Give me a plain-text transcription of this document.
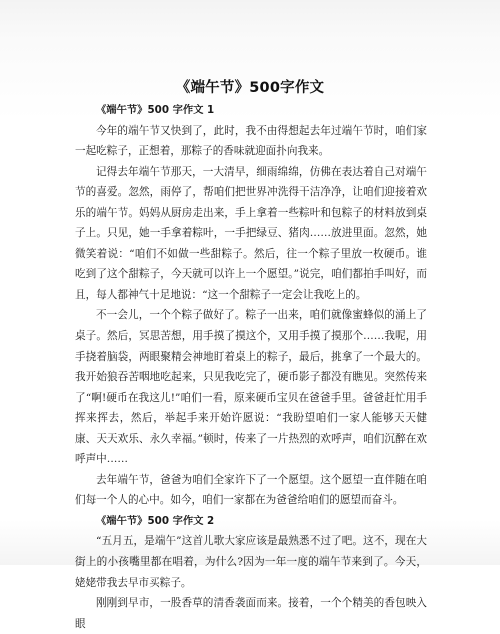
《端午节》500字作文
《端午节》500 字作文 1

今年的端午节又快到了，此时，我不由得想起去年过端午节时，咱们家一起吃粽子，正想着，那粽子的香味就迎面扑向我来。

记得去年端午节那天，一大清早，细雨绵绵，仿佛在表达着自己对端午节的喜爱。忽然，雨停了，帮咱们把世界冲洗得干洁净净，让咱们迎接着欢乐的端午节。妈妈从厨房走出来，手上拿着一些粽叶和包粽子的材料放到桌子上。只见，她一手拿着粽叶，一手把绿豆、猪肉……放进里面。忽然，她微笑着说：“咱们不如做一些甜粽子。然后，往一个粽子里放一枚硬币。谁吃到了这个甜粽子，今天就可以许上一个愿望。”说完，咱们都拍手叫好，而且，每人都神气十足地说：“这一个甜粽子一定会让我吃上的。

不一会儿，一个个粽子做好了。粽子一出来，咱们就像蜜蜂似的涌上了桌子。然后，冥思苦想，用手摸了摸这个，又用手摸了摸那个……我呢，用手挠着脑袋，两眼聚精会神地盯着桌上的粽子，最后，挑拿了一个最大的。我开始狼吞苦咽地吃起来，只见我吃完了，硬币影子都没有瞧见。突然传来了“啊!硬币在我这儿!”咱们一看，原来硬币宝贝在爸爸手里。爸爸赶忙用手挥来挥去，然后，举起手来开始许愿说：“我盼望咱们一家人能够天天健康、天天欢乐、永久幸福。”顿时，传来了一片热烈的欢呼声，咱们沉醉在欢呼声中……

去年端午节，爸爸为咱们全家许下了一个愿望。这个愿望一直伴随在咱们每一个人的心中。如今，咱们一家都在为爸爸给咱们的愿望而奋斗。

《端午节》500 字作文 2

“五月五，是端午”这首儿歌大家应该是最熟悉不过了吧。这不，现在大街上的小孩嘴里都在唱着，为什么?因为一年一度的端午节来到了。今天，姥姥带我去早市买粽子。

刚刚到早市，一股香草的清香袭面而来。接着，一个个精美的香包映入眼
